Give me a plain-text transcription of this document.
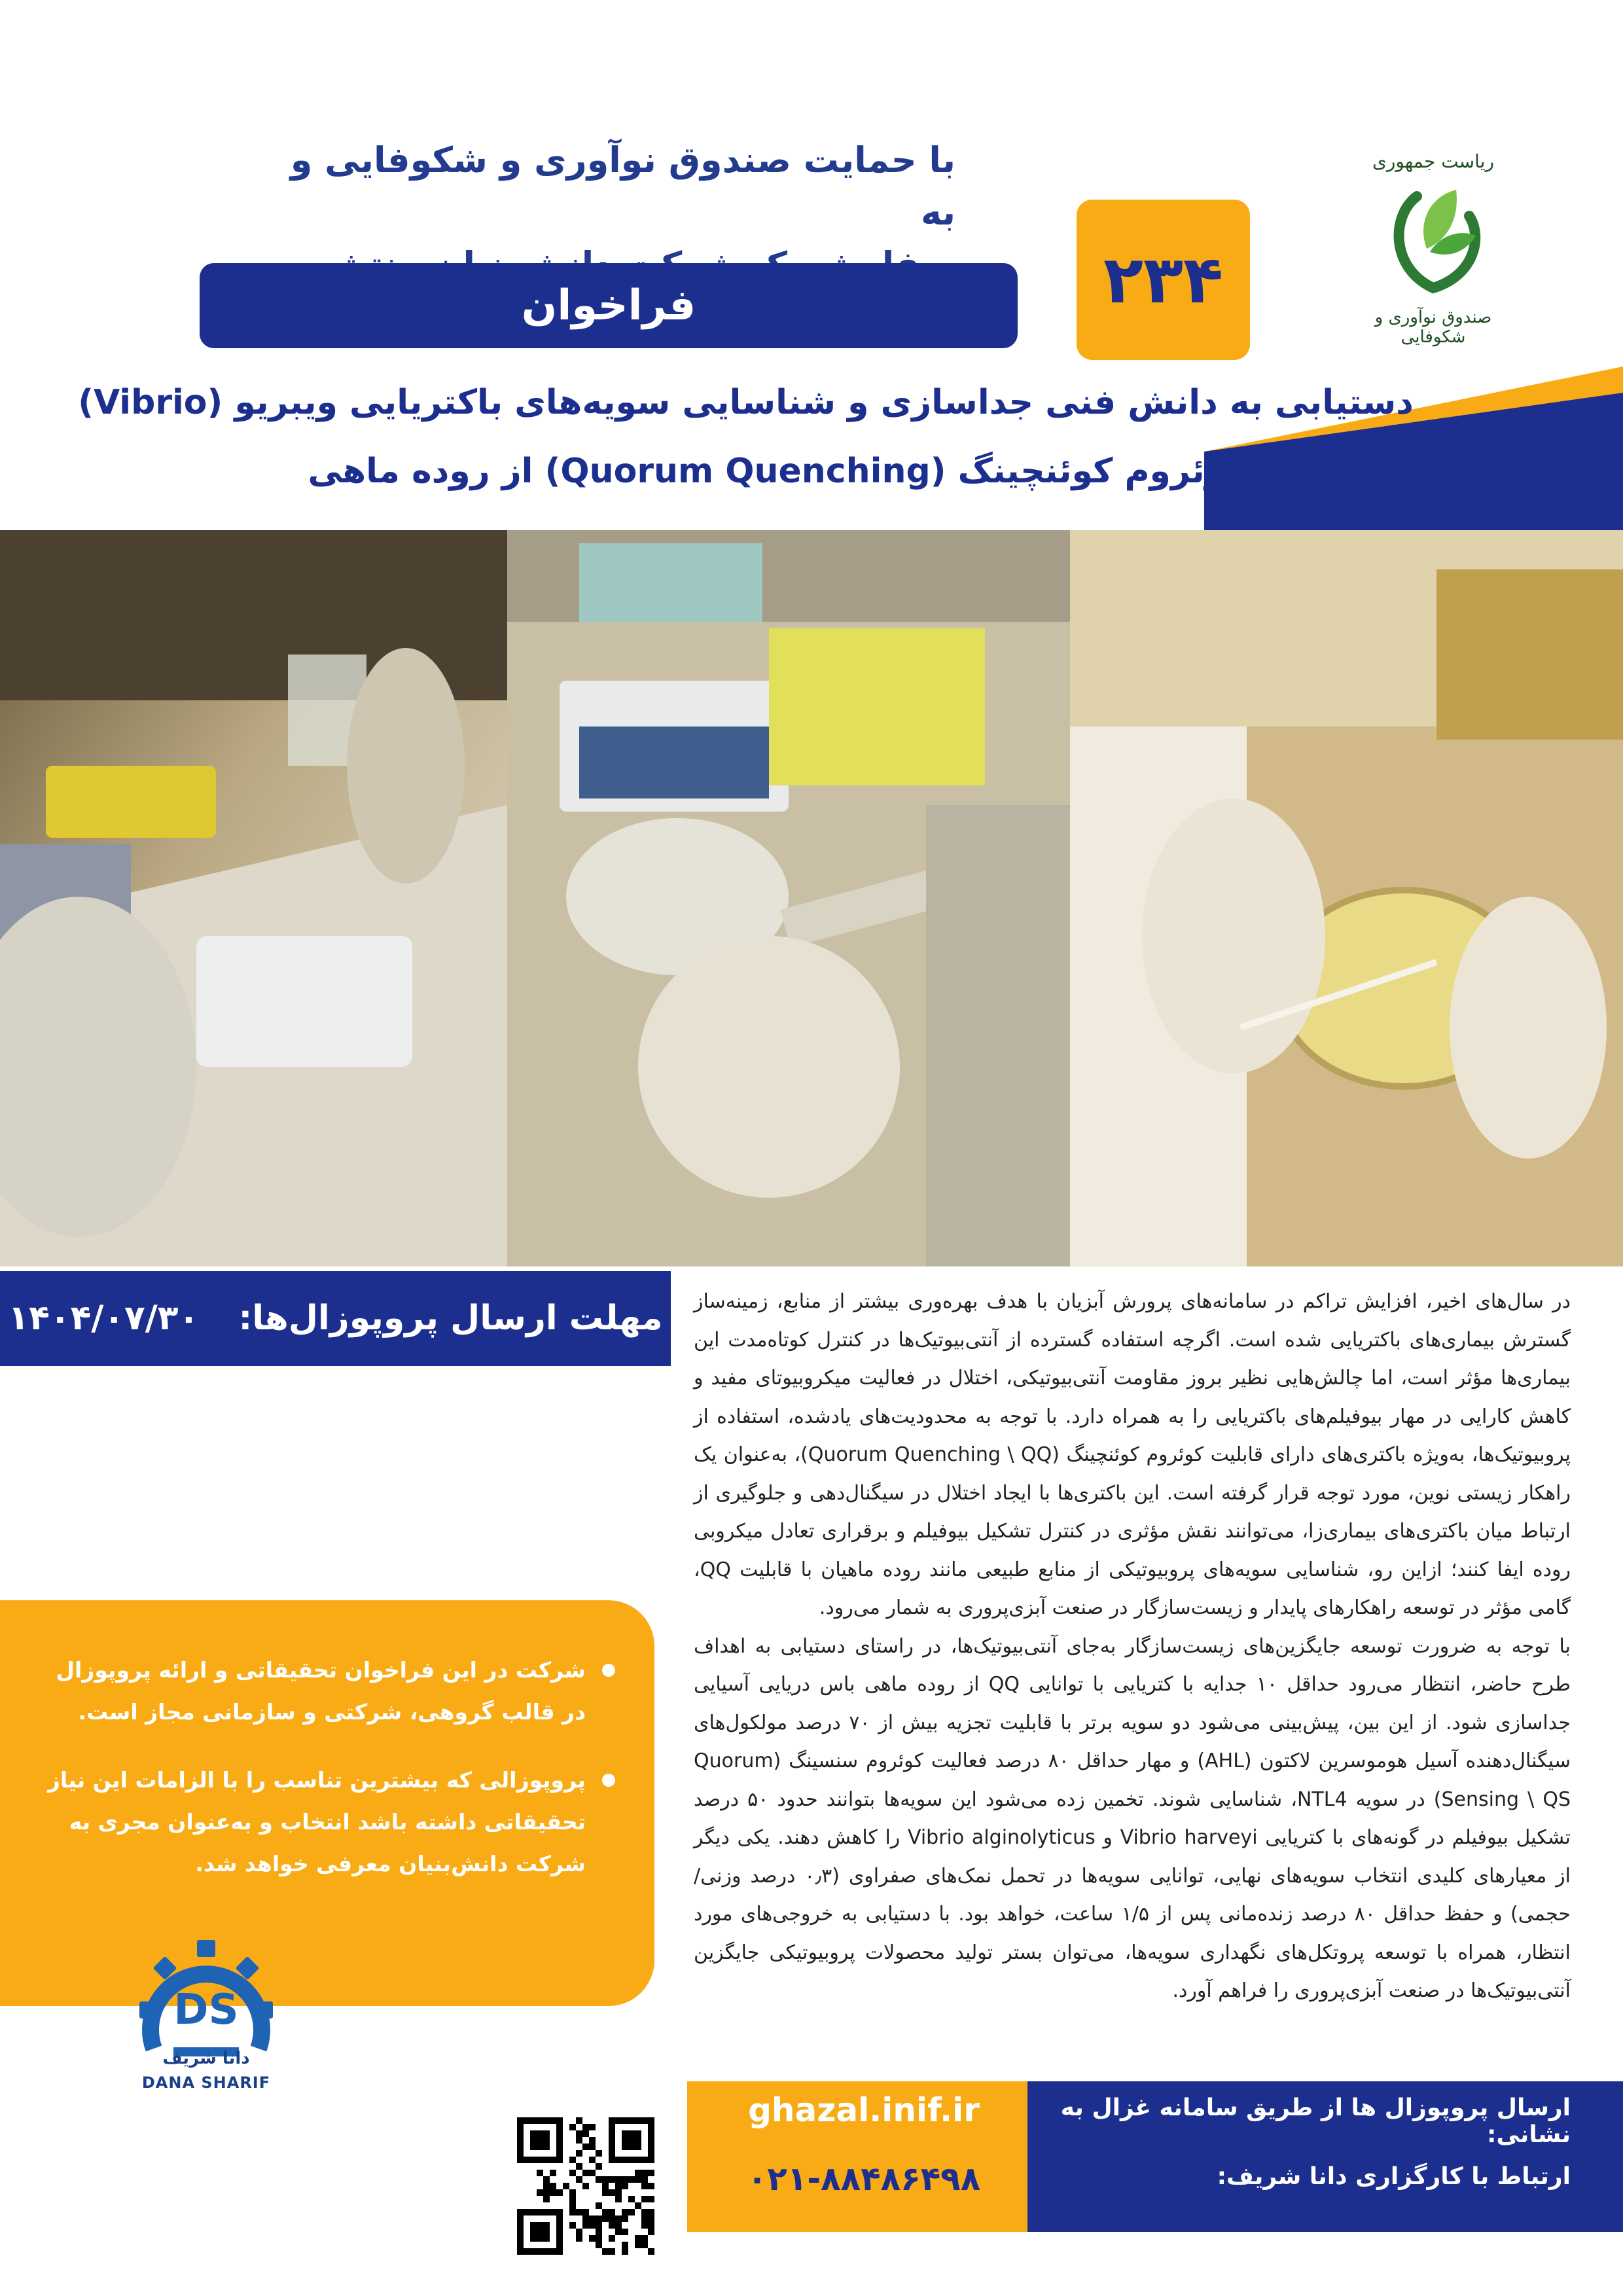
با حمایت صندوق نوآوری و شکوفایی و به
فراخوان	۲۳۴
ریاست جمهوری
صندوق نوآوری و شکوفایی
دستیابی به دانش فنی جداسازی و شناسایی سویه‌های باکتریایی ویبریو (Vibrio)
با توانایی کوئروم کوئنچینگ (Quorum Quenching) از روده ماهی
مهلت ارسال پروپوزال‌ها:  ۱۴۰۴/۰۷/۳۰	در سال‌های اخیر، افزایش تراکم در سامانه‌های پرورش آبزیان با هدف بهره‌وری بیشتر از منابع، زمینه‌ساز گسترش بیماری‌های باکتریایی شده است. اگرچه استفاده گسترده از آنتی‌بیوتیک‌ها در کنترل کوتاه‌مدت این بیماری‌ها مؤثر است، اما چالش‌هایی نظیر بروز مقاومت آنتی‌بیوتیکی، اختلال در فعالیت میکروبیوتای مفید و کاهش کارایی در مهار بیوفیلم‌های باکتریایی را به همراه دارد. با توجه به محدودیت‌های یادشده، استفاده از پروبیوتیک‌ها، به‌ویژه باکتری‌های دارای قابلیت کوئروم کوئنچینگ (Quorum Quenching \ QQ)، به‌عنوان یک راهکار زیستی نوین، مورد توجه قرار گرفته است. این باکتری‌ها با ایجاد اختلال در سیگنال‌دهی و جلوگیری از ارتباط میان باکتری‌های بیماری‌زا، می‌توانند نقش مؤثری در کنترل تشکیل بیوفیلم و برقراری تعادل میکروبی روده ایفا کنند؛ ازاین رو، شناسایی سویه‌های پروبیوتیکی از منابع طبیعی مانند روده ماهیان با قابلیت QQ، گامی مؤثر در توسعه راهکارهای پایدار و زیست‌سازگار در صنعت آبزی‌پروری به شمار می‌رود.

با توجه به ضرورت توسعه جایگزین‌های زیست‌سازگار به‌جای آنتی‌بیوتیک‌ها، در راستای دستیابی به اهداف طرح حاضر، انتظار می‌رود حداقل ۱۰ جدایه با کتریایی با توانایی QQ از روده ماهی باس دریایی آسیایی جداسازی شود. از این بین، پیش‌بینی می‌شود دو سویه برتر با قابلیت تجزیه بیش از ۷۰ درصد مولکول‌های سیگنال‌دهنده آسیل هوموسرین لاکتون (AHL) و مهار حداقل ۸۰ درصد فعالیت کوئروم سنسینگ (Quorum Sensing \ QS) در سویه NTL4، شناسایی شوند. تخمین زده می‌شود این سویه‌ها بتوانند حدود ۵۰ درصد تشکیل بیوفیلم در گونه‌های با کتریایی Vibrio harveyi و Vibrio alginolyticus را کاهش دهند. یکی دیگر از معیارهای کلیدی انتخاب سویه‌های نهایی، توانایی سویه‌ها در تحمل نمک‌های صفراوی (۰٫۳ درصد وزنی/حجمی) و حفظ حداقل ۸۰ درصد زنده‌مانی پس از ۱/۵ ساعت، خواهد بود. با دستیابی به خروجی‌های مورد انتظار، همراه با توسعه پروتکل‌های نگهداری سویه‌ها، می‌توان بستر تولید محصولات پروبیوتیکی جایگزین آنتی‌بیوتیک‌ها در صنعت آبزی‌پروری را فراهم آورد.

شرکت در این فراخوان تحقیقاتی و ارائه پروپوزال در قالب گروهی، شرکتی و سازمانی مجاز است.
پروپوزالی که بیشترین تناسب را با الزامات این نیاز تحقیقاتی داشته باشد انتخاب و به‌عنوان مجری به شرکت دانش‌بنیان معرفی خواهد شد.
DS
دانا شریف
DANA SHARIF
ارسال پروپوزال ها از طریق سامانه غزال به نشانی:
ارتباط با کارگزاری دانا شریف:
ghazal.inif.ir
۰۲۱-۸۸۴۸۶۴۹۸
